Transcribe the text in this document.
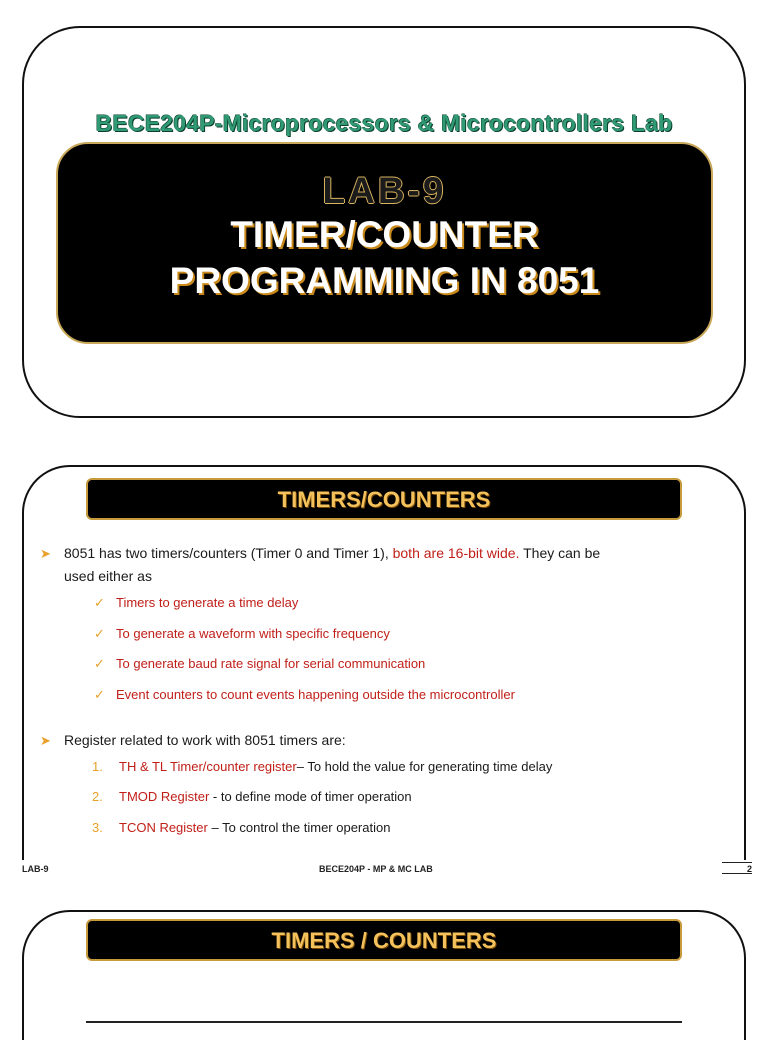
BECE204P-Microprocessors & Microcontrollers Lab
LAB-9
TIMER/COUNTER
PROGRAMMING IN 8051
TIMERS/COUNTERS
➤ 8051 has two timers/counters (Timer 0 and Timer 1), both are 16-bit wide. They can be
used either as
✓ Timers to generate a time delay
✓ To generate a waveform with specific frequency
✓ To generate baud rate signal for serial communication
✓ Event counters to count events happening outside the microcontroller
➤ Register related to work with 8051 timers are:
1. TH & TL Timer/counter register– To hold the value for generating time delay
2. TMOD Register - to define mode of timer operation
3. TCON Register – To control the timer operation
LAB-9	BECE204P - MP & MC LAB	2
TIMERS / COUNTERS
